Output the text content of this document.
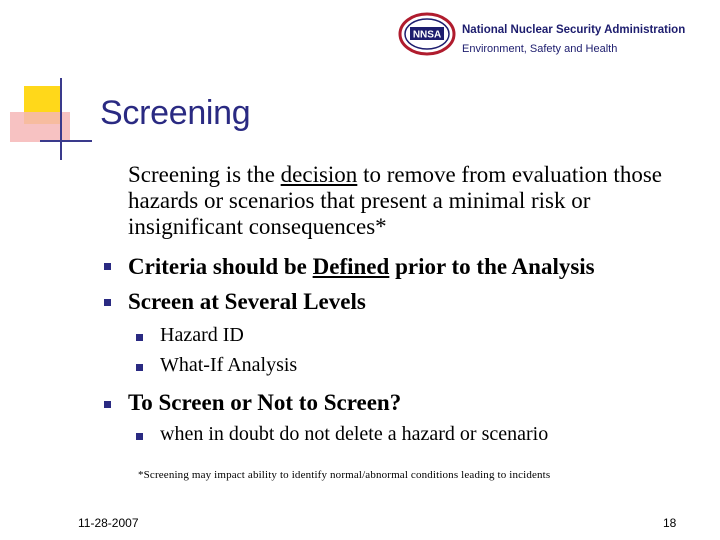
NNSA National Nuclear Security Administration
Environment, Safety and Health
Screening
Screening is the decision to remove from evaluation those hazards or scenarios that present a minimal risk or insignificant consequences*
Criteria should be Defined prior to the Analysis
Screen at Several Levels
Hazard ID
What-If Analysis
To Screen or Not to Screen?
when in doubt do not delete a hazard or scenario
*Screening may impact ability to identify normal/abnormal conditions leading to incidents
11-28-2007	18
